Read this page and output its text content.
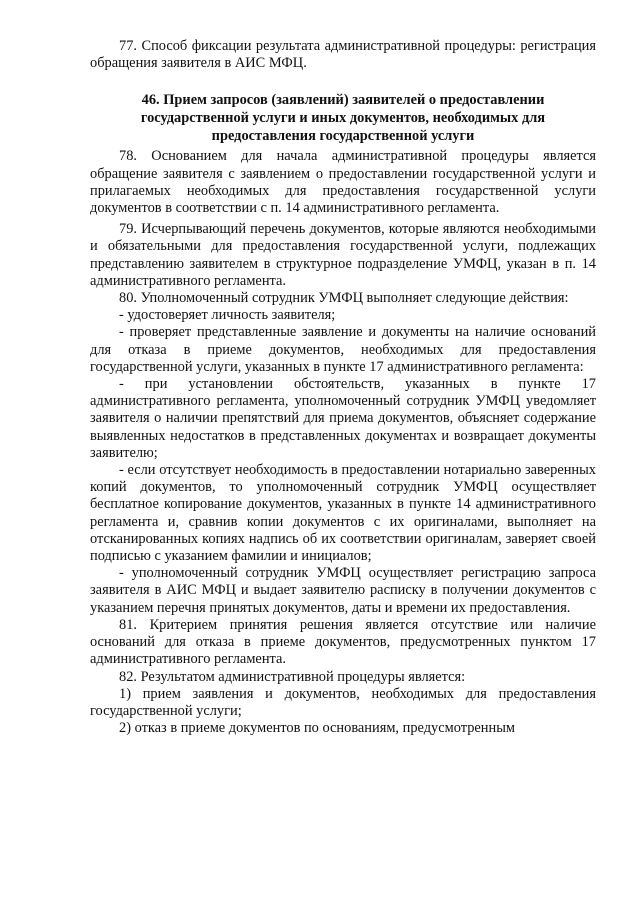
77. Способ фиксации результата административной процедуры: регистрация обращения заявителя в АИС МФЦ.

46. Прием запросов (заявлений) заявителей о предоставлении государственной услуги и иных документов, необходимых для предоставления государственной услуги

78. Основанием для начала административной процедуры является обращение заявителя с заявлением о предоставлении государственной услуги и прилагаемых необходимых для предоставления государственной услуги документов в соответствии с п. 14 административного регламента.

79. Исчерпывающий перечень документов, которые являются необходимыми и обязательными для предоставления государственной услуги, подлежащих представлению заявителем в структурное подразделение УМФЦ, указан в п. 14 административного регламента.

80. Уполномоченный сотрудник УМФЦ выполняет следующие действия:

- удостоверяет личность заявителя;

- проверяет представленные заявление и документы на наличие оснований для отказа в приеме документов, необходимых для предоставления государственной услуги, указанных в пункте 17 административного регламента:

- при установлении обстоятельств, указанных в пункте 17 административного регламента, уполномоченный сотрудник УМФЦ уведомляет заявителя о наличии препятствий для приема документов, объясняет содержание выявленных недостатков в представленных документах и возвращает документы заявителю;

- если отсутствует необходимость в предоставлении нотариально заверенных копий документов, то уполномоченный сотрудник УМФЦ осуществляет бесплатное копирование документов, указанных в пункте 14 административного регламента и, сравнив копии документов с их оригиналами, выполняет на отсканированных копиях надпись об их соответствии оригиналам, заверяет своей подписью с указанием фамилии и инициалов;

- уполномоченный сотрудник УМФЦ осуществляет регистрацию запроса заявителя в АИС МФЦ и выдает заявителю расписку в получении документов с указанием перечня принятых документов, даты и времени их предоставления.

81. Критерием принятия решения является отсутствие или наличие оснований для отказа в приеме документов, предусмотренных пунктом 17 административного регламента.

82. Результатом административной процедуры является:

1) прием заявления и документов, необходимых для предоставления государственной услуги;

2) отказ в приеме документов по основаниям, предусмотренным
